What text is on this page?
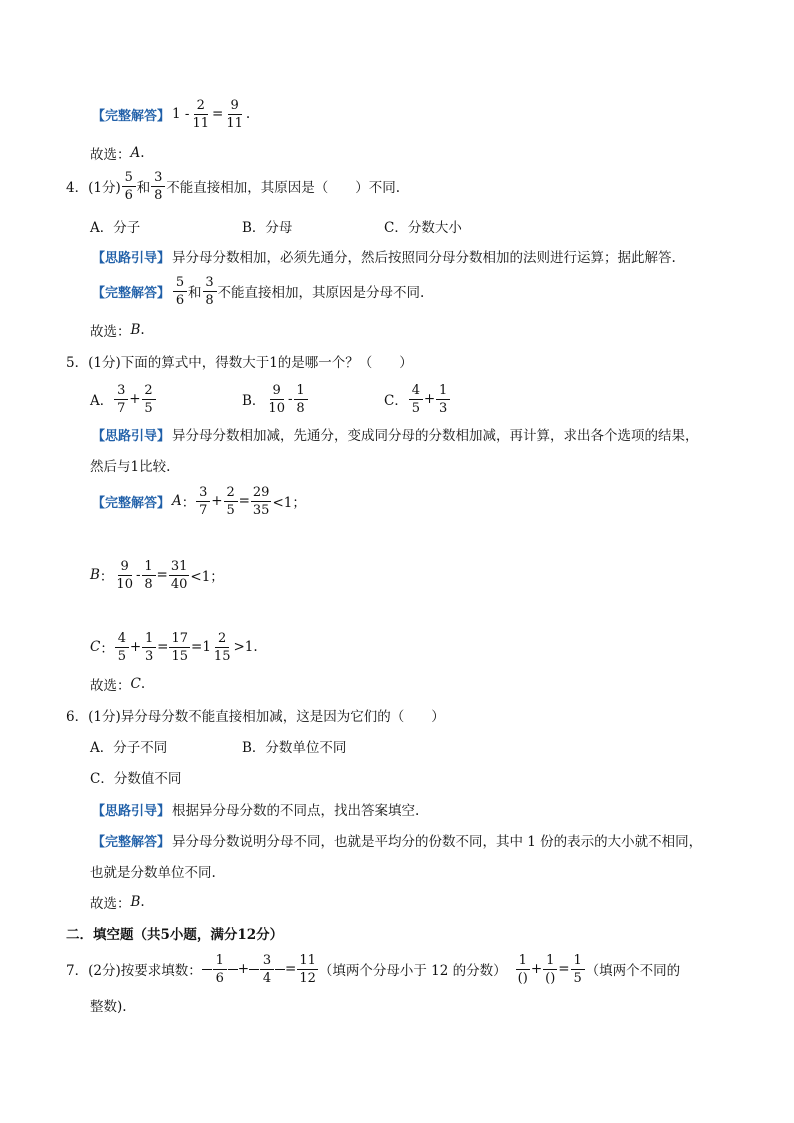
【完整解答】 $1 - \frac{2}{11} = \frac{9}{11}$ .
故选： A .
4．(1分) $\frac{5}{6}$ 和 $\frac{3}{8}$ 不能直接相加，其原因是（　　）不同.
A．分子	B．分母	C．分数大小
【思路引导】 异分母分数相加，必须先通分，然后按照同分母分数相加的法则进行运算；据此解答.
【完整解答】 $\frac{5}{6}$ 和 $\frac{3}{8}$ 不能直接相加，其原因是分母不同.
故选： B .
5．(1分) 下面的算式中，得数大于1的是哪一个？（　　）
A． $\frac{3}{7} + \frac{2}{5}$	B． $\frac{9}{10} - \frac{1}{8}$	C． $\frac{4}{5} + \frac{1}{3}$
【思路引导】 异分母分数相加减，先通分，变成同分母的分数相加减，再计算，求出各个选项的结果，
然后与1比较.
【完整解答】 A ： $\frac{3}{7} + \frac{2}{5} = \frac{29}{35} <1$；
B ： $\frac{9}{10} - \frac{1}{8} = \frac{31}{40} <1$；
C ： $\frac{4}{5} + \frac{1}{3} = \frac{17}{15} =1 \frac{2}{15} >1$.
故选： C .
6．(1分) 异分母分数不能直接相加减，这是因为它们的（　　）
A．分子不同	B．分数单位不同
C．分数值不同
【思路引导】 根据异分母分数的不同点，找出答案填空.
【完整解答】 异分母分数说明分母不同，也就是平均分的份数不同，其中 1 份的表示的大小就不相同，
也就是分数单位不同.
故选： B .
二．填空题（共5小题，满分12分）
7．(2分) 按要求填数： $\frac{1}{6} + \frac{3}{4} = \frac{11}{12}$ （填两个分母小于 12 的分数） $\frac{1}{()} + \frac{1}{()} = \frac{1}{5}$ （填两个不同的
整数).
